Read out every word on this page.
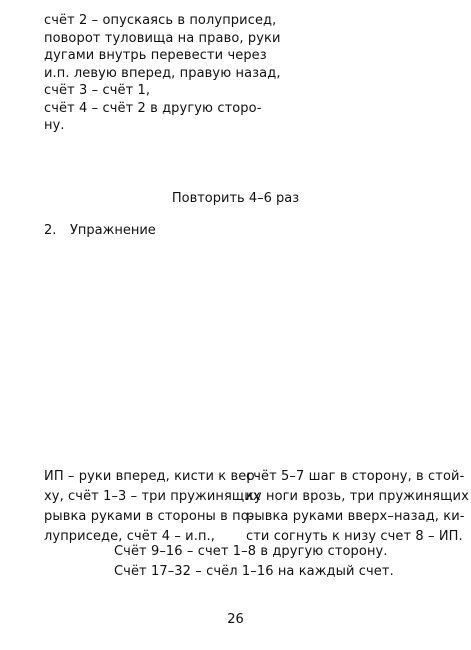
счёт 2 – опускаясь в полуприсед,
поворот туловища на право, руки
дугами внутрь перевести через
и.п. левую вперед, правую назад,
счёт 3 – счёт 1,
счёт 4 – счёт 2 в другую сторо-
ну.
Повторить 4–6 раз
2. Упражнение
ИП – руки вперед, кисти к вер-
ху, счёт 1–3 – три пружинящих
рывка руками в стороны в по-
луприседе, счёт 4 – и.п.,
счёт 5–7 шаг в сторону, в стой-
ку ноги врозь, три пружинящих
рывка руками вверх–назад, ки-
сти согнуть к низу счет 8 – ИП.
Счёт 9–16 – счет 1–8 в другую сторону.
Счёт 17–32 – счёл 1–16 на каждый счет.
26
